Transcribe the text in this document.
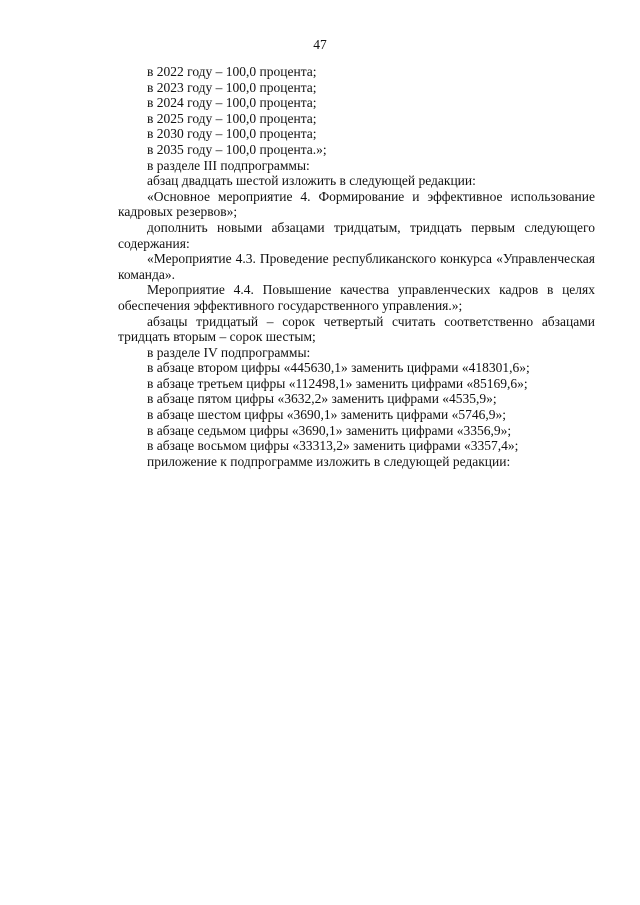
47

в 2022 году – 100,0 процента;

в 2023 году – 100,0 процента;

в 2024 году – 100,0 процента;

в 2025 году – 100,0 процента;

в 2030 году – 100,0 процента;

в 2035 году – 100,0 процента.»;

в разделе III подпрограммы:

абзац двадцать шестой изложить в следующей редакции:

«Основное мероприятие 4. Формирование и эффективное использование кадровых резервов»;

дополнить новыми абзацами тридцатым, тридцать первым следующего содержания:

«Мероприятие 4.3. Проведение республиканского конкурса «Управленческая команда».

Мероприятие 4.4. Повышение качества управленческих кадров в целях обеспечения эффективного государственного управления.»;

абзацы тридцатый – сорок четвертый считать соответственно абзацами тридцать вторым – сорок шестым;

в разделе IV подпрограммы:

в абзаце втором цифры «445630,1» заменить цифрами «418301,6»;

в абзаце третьем цифры «112498,1» заменить цифрами «85169,6»;

в абзаце пятом цифры «3632,2» заменить цифрами «4535,9»;

в абзаце шестом цифры «3690,1» заменить цифрами «5746,9»;

в абзаце седьмом цифры «3690,1» заменить цифрами «3356,9»;

в абзаце восьмом цифры «33313,2» заменить цифрами «3357,4»;

приложение к подпрограмме изложить в следующей редакции:
